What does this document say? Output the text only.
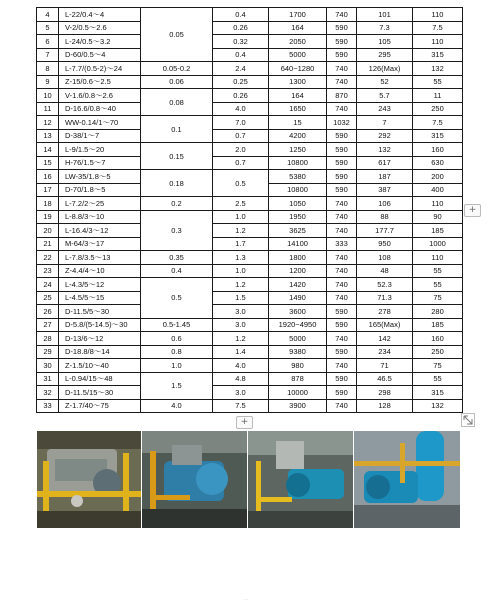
4	L-22/0.4～4	0.05	0.4	1700	740	101	110
5	V-2/0.5～2.6		0.26	164	590	7.3	7.5
6	L-24/0.5～3.2		0.32	2050	590	105	110
7	D-60/0.5～4		0.4	5000	590	295	315
8	L-7.7/(0.5-2)～24	0.05-0.2	2.4	640~1280	740	126(Max)	132
9	Z-15/0.6～2.5	0.06	0.25	1300	740	52	55
10	V-1.6/0.8～2.6	0.08	0.26	164	870	5.7	11
11	D-16.6/0.8～40		4.0	1650	740	243	250
12	WW-0.14/1～70	0.1	7.0	15	1032	7	7.5
13	D-38/1～7		0.7	4200	590	292	315
14	L-9/1.5～20	0.15	2.0	1250	590	132	160
15	H-76/1.5～7		0.7	10800	590	617	630
16	LW-35/1.8～5	0.18	0.5	5380	590	187	200
17	D-70/1.8～5			10800	590	387	400
18	L-7.2/2～25	0.2	2.5	1050	740	106	110
19	L-8.8/3～10	0.3	1.0	1950	740	88	90
20	L-16.4/3～12		1.2	3625	740	177.7	185
21	M-64/3～17		1.7	14100	333	950	1000
22	L-7.8/3.5～13	0.35	1.3	1800	740	108	110
23	Z-4.4/4～10	0.4	1.0	1200	740	48	55
24	L-4.3/5～12	0.5	1.2	1420	740	52.3	55
25	L-4.5/5～15		1.5	1490	740	71.3	75
26	D-11.5/5～30		3.0	3600	590	278	280
27	D-5.8/(5-14.5)～30	0.5-1.45	3.0	1920~4950	590	165(Max)	185
28	D-13/6～12	0.6	1.2	5000	740	142	160
29	D-18.8/8～14	0.8	1.4	9380	590	234	250
30	Z-1.5/10～40	1.0	4.0	980	740	71	75
31	L-0.94/15～48	1.5	4.8	878	590	46.5	55
32	D-11.5/15～30		3.0	10000	590	298	315
33	Z-1.7/40～75	4.0	7.5	3900	740	128	132
+
+
··
